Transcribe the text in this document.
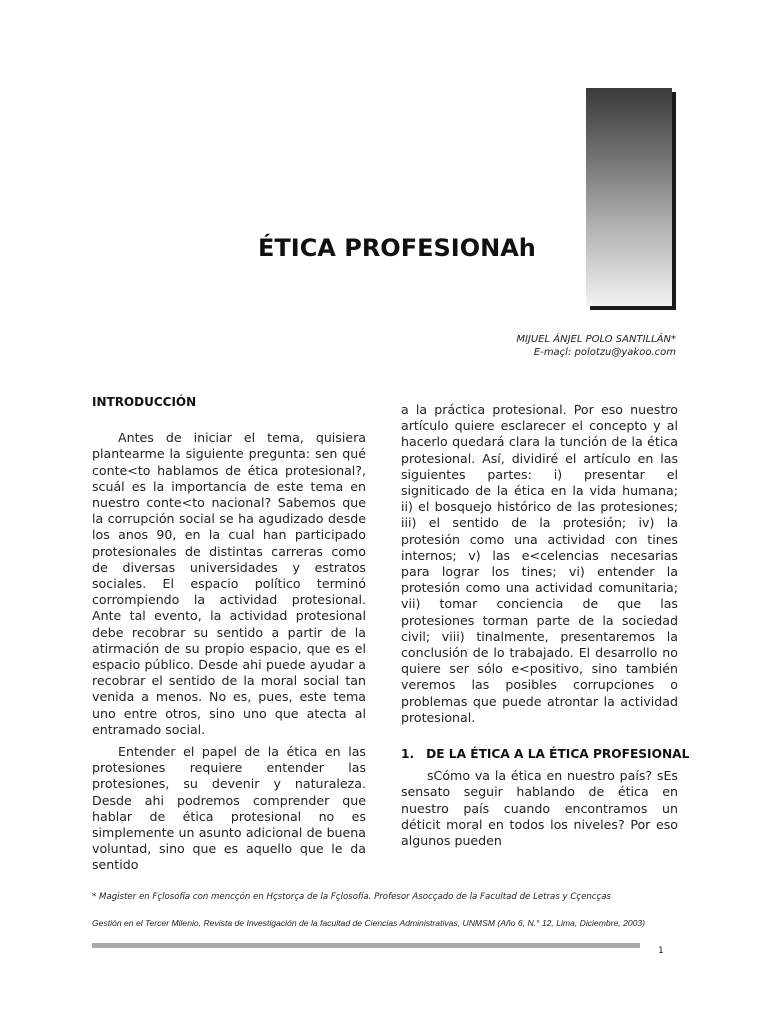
ÉTICA PROFESIONAh
MIJUEL ÁNJEL POLO SANTILLÁN*
E-maçl: polotzu@yakoo.com
INTRODUCCIÓN

Antes de iniciar el tema, quisiera plantearme la siguiente pregunta: sen qué conte<to hablamos de ética protesional?, scuál es la importancia de este tema en nuestro conte<to nacional? Sabemos que la corrupción social se ha agudizado desde los anos 90, en la cual han participado protesionales de distintas carreras como de diversas universidades y estratos sociales. El espacio político terminó corrompiendo la actividad protesional. Ante tal evento, la actividad protesional debe recobrar su sentido a partir de la atirmación de su propio espacio, que es el espacio público. Desde ahi puede ayudar a recobrar el sentido de la moral social tan venida a menos. No es, pues, este tema uno entre otros, sino uno que atecta al entramado social.

Entender el papel de la ética en las protesiones requiere entender las protesiones, su devenir y naturaleza. Desde ahi podremos comprender que hablar de ética protesional no es simplemente un asunto adicional de buena voluntad, sino que es aquello que le da sentido

a la práctica protesional. Por eso nuestro artículo quiere esclarecer el concepto y al hacerlo quedará clara la tunción de la ética protesional. Así, dividiré el artículo en las siguientes partes: i) presentar el signiticado de la ética en la vida humana; ii) el bosquejo histórico de las protesiones; iii) el sentido de la protesión; iv) la protesión como una actividad con tines internos; v) las e<celencias necesarias para lograr los tines; vi) entender la protesión como una actividad comunitaria; vii) tomar conciencia de que las protesiones torman parte de la sociedad civil; viii) tinalmente, presentaremos la conclusión de lo trabajado. El desarrollo no quiere ser sólo e<positivo, sino también veremos las posibles corrupciones o problemas que puede atrontar la actividad protesional.

1. DE LA ÉTICA A LA ÉTICA PROFESIONAL

sCómo va la ética en nuestro país? sEs sensato seguir hablando de ética en nuestro país cuando encontramos un déticit moral en todos los niveles? Por eso algunos pueden

* Magister en Fçlosofía con mencçón en Hçstorça de la Fçlosofía. Profesor Asocçado de la Facultad de Letras y Cçencças
Gestión en el Tercer Milenio, Revista de Investigación de la facultad de Ciencias Administrativas, UNMSM (Año 6, N.° 12, Lima, Diciembre, 2003)
1
